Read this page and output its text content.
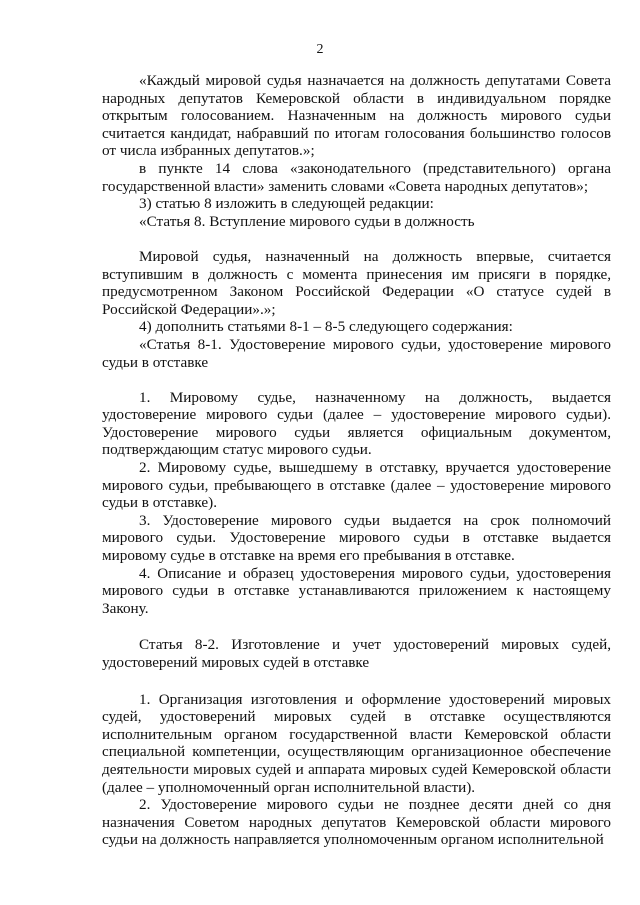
2

«Каждый мировой судья назначается на должность депутатами Совета народных депутатов Кемеровской области в индивидуальном порядке открытым голосованием. Назначенным на должность мирового судьи считается кандидат, набравший по итогам голосования большинство голосов от числа избранных депутатов.»;

в пункте 14 слова «законодательного (представительного) органа государственной власти» заменить словами «Совета народных депутатов»;

3) статью 8 изложить в следующей редакции:

«Статья 8. Вступление мирового судьи в должность

Мировой судья, назначенный на должность впервые, считается вступившим в должность с момента принесения им присяги в порядке, предусмотренном Законом Российской Федерации «О статусе судей в Российской Федерации».»;

4) дополнить статьями 8-1 – 8-5 следующего содержания:

«Статья 8-1. Удостоверение мирового судьи, удостоверение мирового судьи в отставке

1. Мировому судье, назначенному на должность, выдается удостоверение мирового судьи (далее – удостоверение мирового судьи). Удостоверение мирового судьи является официальным документом, подтверждающим статус мирового судьи.

2. Мировому судье, вышедшему в отставку, вручается удостоверение мирового судьи, пребывающего в отставке (далее – удостоверение мирового судьи в отставке).

3. Удостоверение мирового судьи выдается на срок полномочий мирового судьи. Удостоверение мирового судьи в отставке выдается мировому судье в отставке на время его пребывания в отставке.

4. Описание и образец удостоверения мирового судьи, удостоверения мирового судьи в отставке устанавливаются приложением к настоящему Закону.

Статья 8-2. Изготовление и учет удостоверений мировых судей, удостоверений мировых судей в отставке

1. Организация изготовления и оформление удостоверений мировых судей, удостоверений мировых судей в отставке осуществляются исполнительным органом государственной власти Кемеровской области специальной компетенции, осуществляющим организационное обеспечение деятельности мировых судей и аппарата мировых судей Кемеровской области (далее – уполномоченный орган исполнительной власти).

2. Удостоверение мирового судьи не позднее десяти дней со дня назначения Советом народных депутатов Кемеровской области мирового судьи на должность направляется уполномоченным органом исполнительной
